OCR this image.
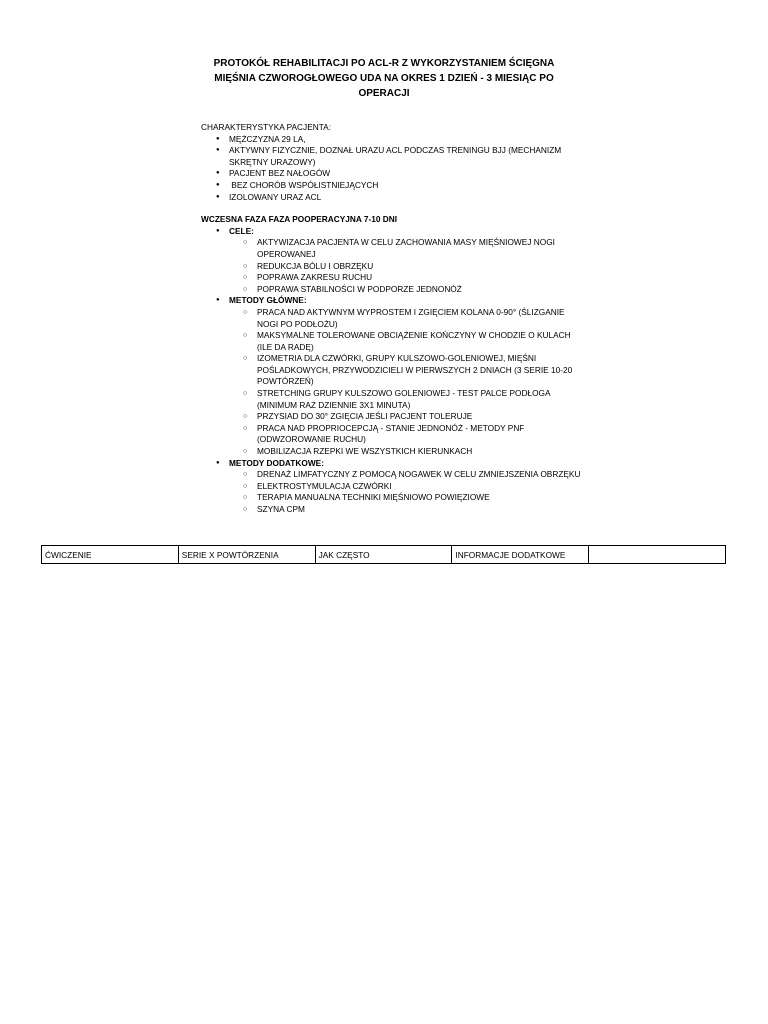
PROTOKÓŁ REHABILITACJI PO ACL-R Z WYKORZYSTANIEM ŚCIĘGNA MIĘŚNIA CZWOROGŁOWEGO UDA NA OKRES 1 DZIEŃ - 3 MIESIĄC PO OPERACJI

CHARAKTERYSTYKA PACJENTA:

● MĘŻCZYZNA 29 LA,
● AKTYWNY FIZYCZNIE, DOZNAŁ URAZU ACL PODCZAS TRENINGU BJJ (MECHANIZM SKRĘTNY URAZOWY)
● PACJENT BEZ NAŁOGÓW
●  BEZ CHORÓB WSPÓŁISTNIEJĄCYCH
● IZOLOWANY URAZ ACL

WCZESNA FAZA FAZA POOPERACYJNA 7-10 DNI

● CELE:
○ AKTYWIZACJA PACJENTA W CELU ZACHOWANIA MASY MIĘŚNIOWEJ NOGI OPEROWANEJ
○ REDUKCJA BÓLU I OBRZĘKU
○ POPRAWA ZAKRESU RUCHU
○ POPRAWA STABILNOŚCI W PODPORZE JEDNONÓŻ
● METODY GŁÓWNE:
○ PRACA NAD AKTYWNYM WYPROSTEM I ZGIĘCIEM KOLANA 0-90° (ŚLIZGANIE NOGI PO PODŁOŻU)
○ MAKSYMALNE TOLEROWANE OBCIĄŻENIE KOŃCZYNY W CHODZIE O KULACH (ILE DA RADĘ)
○ IZOMETRIA DLA CZWÓRKI, GRUPY KULSZOWO-GOLENIOWEJ, MIĘŚNI POŚLADKOWYCH, PRZYWODZICIELI W PIERWSZYCH 2 DNIACH (3 SERIE 10-20 POWTÓRZEŃ)
○ STRETCHING GRUPY KULSZOWO GOLENIOWEJ - TEST PALCE PODŁOGA (MINIMUM RAZ DZIENNIE 3X1 MINUTA)
○ PRZYSIAD DO 30° ZGIĘCIA JEŚLI PACJENT TOLERUJE
○ PRACA NAD PROPRIOCEPCJĄ - STANIE JEDNONÓŻ - METODY PNF (ODWZOROWANIE RUCHU)
○ MOBILIZACJA RZEPKI WE WSZYSTKICH KIERUNKACH
● METODY DODATKOWE:
○ DRENAŻ LIMFATYCZNY Z POMOCĄ NOGAWEK W CELU ZMNIEJSZENIA OBRZĘKU
○ ELEKTROSTYMULACJA CZWÓRKI
○ TERAPIA MANUALNA TECHNIKI MIĘŚNIOWO POWIĘZIOWE
○ SZYNA CPM
ĆWICZENIE	SERIE X POWTÓRZENIA	JAK CZĘSTO	INFORMACJE DODATKOWE	
